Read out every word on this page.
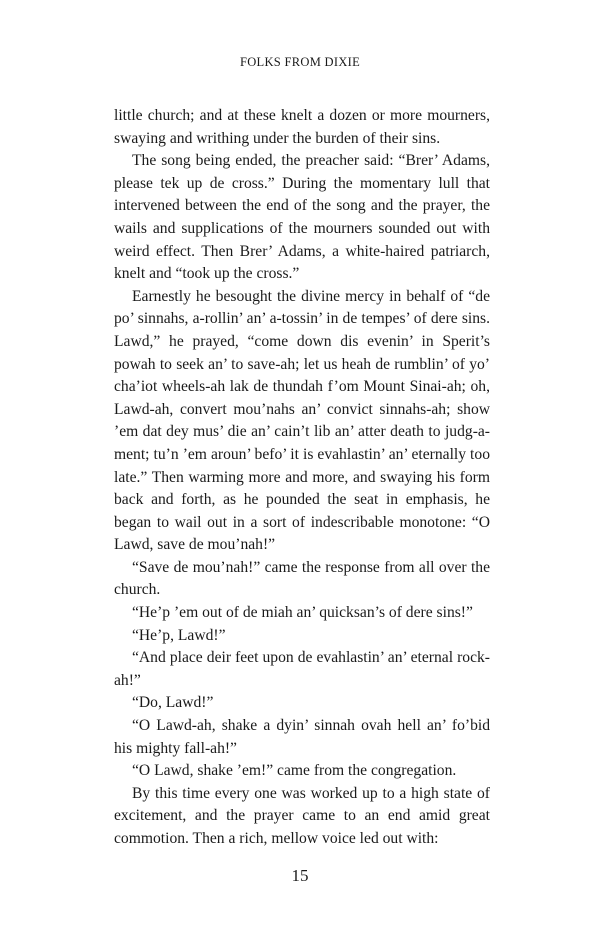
FOLKS FROM DIXIE

little church; and at these knelt a dozen or more mourners, swaying and writhing under the burden of their sins.

The song being ended, the preacher said: “Brer’ Adams, please tek up de cross.” During the momentary lull that intervened between the end of the song and the prayer, the wails and supplications of the mourners sounded out with weird effect. Then Brer’ Adams, a white-haired patriarch, knelt and “took up the cross.”

Earnestly he besought the divine mercy in behalf of “de po’ sinnahs, a-rollin’ an’ a-tossin’ in de tempes’ of dere sins. Lawd,” he prayed, “come down dis evenin’ in Sperit’s powah to seek an’ to save-ah; let us heah de rumblin’ of yo’ cha’iot wheels-ah lak de thundah f’om Mount Sinai-ah; oh, Lawd-ah, convert mou’nahs an’ convict sinnahs-ah; show ’em dat dey mus’ die an’ cain’t lib an’ atter death to judg-a-ment; tu’n ’em aroun’ befo’ it is evahlastin’ an’ eternally too late.” Then warming more and more, and swaying his form back and forth, as he pounded the seat in emphasis, he began to wail out in a sort of indescribable monotone: “O Lawd, save de mou’nah!”

“Save de mou’nah!” came the response from all over the church.

“He’p ’em out of de miah an’ quicksan’s of dere sins!”

“He’p, Lawd!”

“And place deir feet upon de evahlastin’ an’ eternal rock-ah!”

“Do, Lawd!”

“O Lawd-ah, shake a dyin’ sinnah ovah hell an’ fo’bid his mighty fall-ah!”

“O Lawd, shake ’em!” came from the congregation.

By this time every one was worked up to a high state of excitement, and the prayer came to an end amid great commotion. Then a rich, mellow voice led out with:

15
